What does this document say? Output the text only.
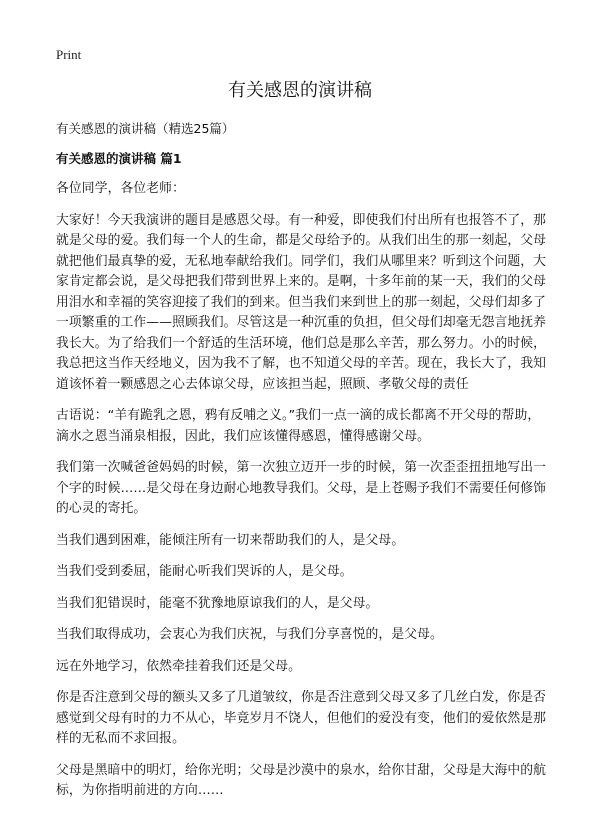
Print
有关感恩的演讲稿

有关感恩的演讲稿（精选25篇）

有关感恩的演讲稿 篇1

各位同学，各位老师：

大家好！今天我演讲的题目是感恩父母。有一种爱，即使我们付出所有也报答不了，那就是父母的爱。我们每一个人的生命，都是父母给予的。从我们出生的那一刻起，父母就把他们最真挚的爱，无私地奉献给我们。同学们，我们从哪里来？听到这个问题，大家肯定都会说，是父母把我们带到世界上来的。是啊，十多年前的某一天，我们的父母用泪水和幸福的笑容迎接了我们的到来。但当我们来到世上的那一刻起，父母们却多了一项繁重的工作——照顾我们。尽管这是一种沉重的负担，但父母们却毫无怨言地抚养我长大。为了给我们一个舒适的生活环境，他们总是那么辛苦，那么努力。小的时候，我总把这当作天经地义，因为我不了解，也不知道父母的辛苦。现在，我长大了，我知道该怀着一颗感恩之心去体谅父母，应该担当起，照顾、孝敬父母的责任

古语说：“羊有跪乳之恩，鸦有反哺之义。”我们一点一滴的成长都离不开父母的帮助，滴水之恩当涌泉相报，因此，我们应该懂得感恩，懂得感谢父母。

我们第一次喊爸爸妈妈的时候，第一次独立迈开一步的时候，第一次歪歪扭扭地写出一个字的时候……是父母在身边耐心地教导我们。父母，是上苍赐予我们不需要任何修饰的心灵的寄托。

当我们遇到困难，能倾注所有一切来帮助我们的人，是父母。

当我们受到委屈，能耐心听我们哭诉的人，是父母。

当我们犯错误时，能毫不犹豫地原谅我们的人，是父母。

当我们取得成功，会衷心为我们庆祝，与我们分享喜悦的，是父母。

远在外地学习，依然牵挂着我们还是父母。

你是否注意到父母的额头又多了几道皱纹，你是否注意到父母又多了几丝白发，你是否感觉到父母有时的力不从心，毕竟岁月不饶人，但他们的爱没有变，他们的爱依然是那样的无私而不求回报。

父母是黑暗中的明灯，给你光明；父母是沙漠中的泉水，给你甘甜，父母是大海中的航标，为你指明前进的方向……
